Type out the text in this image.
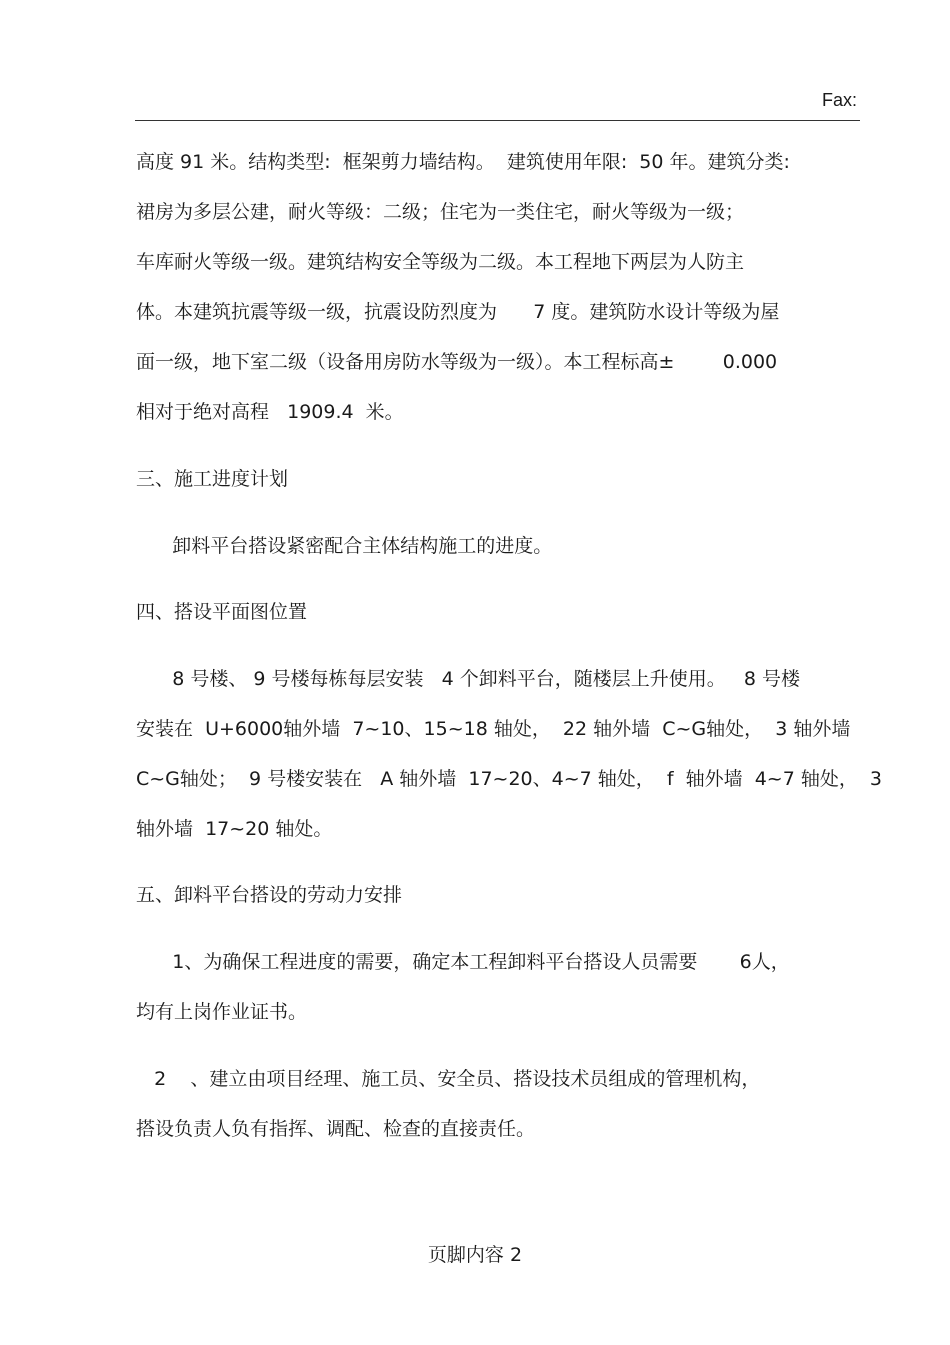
Fax:
高度 91 米。结构类型:  框架剪力墙结构。  建筑使用年限:  50 年。建筑分类:
裙房为多层公建，耐火等级：二级；住宅为一类住宅，耐火等级为一级；
车库耐火等级一级。建筑结构安全等级为二级。本工程地下两层为人防主
体。本建筑抗震等级一级，抗震设防烈度为      7 度。建筑防水设计等级为屋
面一级，地下室二级（设备用房防水等级为一级）。本工程标高±        0.000
相对于绝对高程   1909.4  米。
三、施工进度计划
卸料平台搭设紧密配合主体结构施工的进度。
四、搭设平面图位置
8 号楼、 9 号楼每栋每层安装   4 个卸料平台，随楼层上升使用。   8 号楼
安装在  U+6000轴外墙  7~10、15~18 轴处，  22 轴外墙  C~G轴处，  3 轴外墙
C~G轴处；  9 号楼安装在   A 轴外墙  17~20、4~7 轴处，  f  轴外墙  4~7 轴处，  3
轴外墙  17~20 轴处。
五、卸料平台搭设的劳动力安排
1、为确保工程进度的需要，确定本工程卸料平台搭设人员需要       6人，
均有上岗作业证书。
2    、建立由项目经理、施工员、安全员、搭设技术员组成的管理机构，
搭设负责人负有指挥、调配、检查的直接责任。
页脚内容 2
